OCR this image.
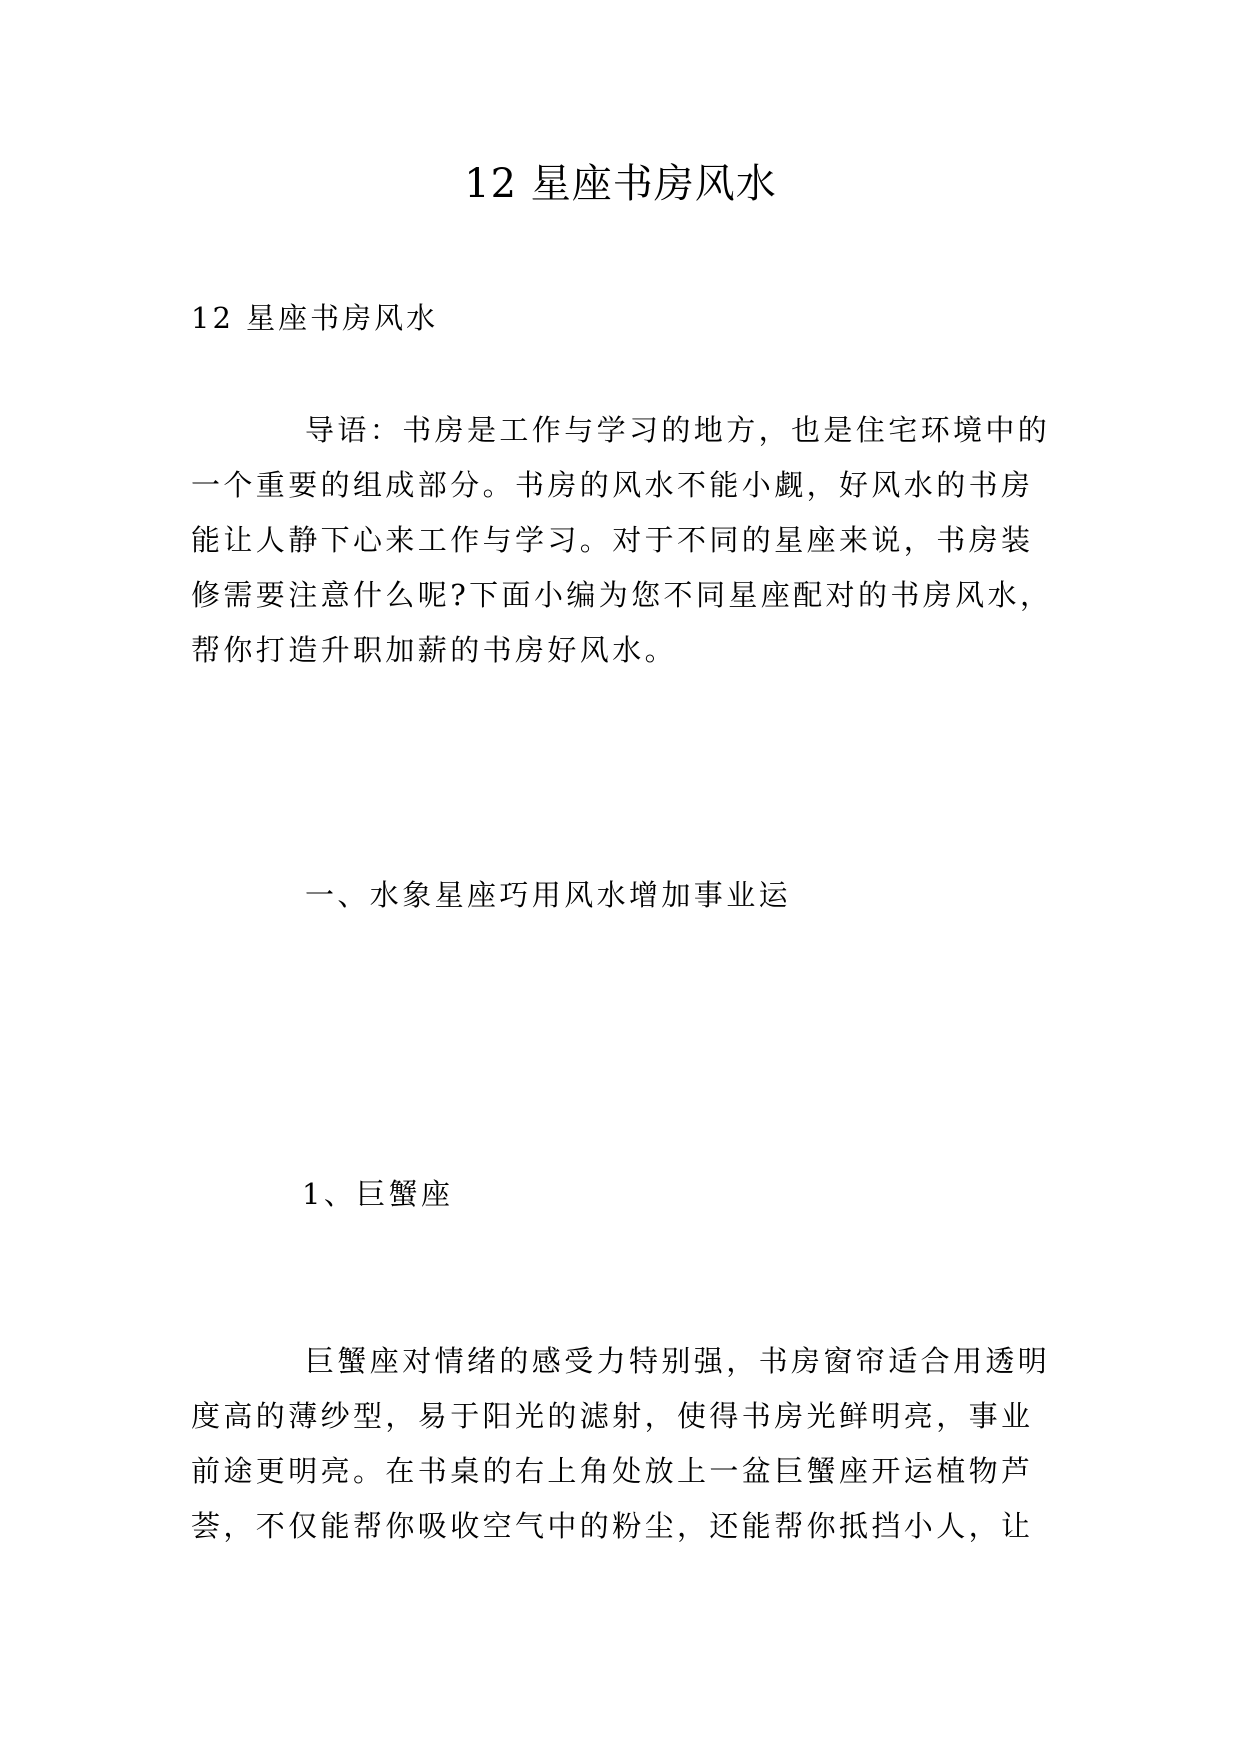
12 星座书房风水

12 星座书房风水

导语：书房是工作与学习的地方，也是住宅环境中的
一个重要的组成部分。书房的风水不能小觑，好风水的书房
能让人静下心来工作与学习。对于不同的星座来说，书房装
修需要注意什么呢?下面小编为您不同星座配对的书房风水，
帮你打造升职加薪的书房好风水。

一、水象星座巧用风水增加事业运

1、巨蟹座

巨蟹座对情绪的感受力特别强，书房窗帘适合用透明
度高的薄纱型，易于阳光的滤射，使得书房光鲜明亮，事业
前途更明亮。在书桌的右上角处放上一盆巨蟹座开运植物芦
荟，不仅能帮你吸收空气中的粉尘，还能帮你抵挡小人，让
